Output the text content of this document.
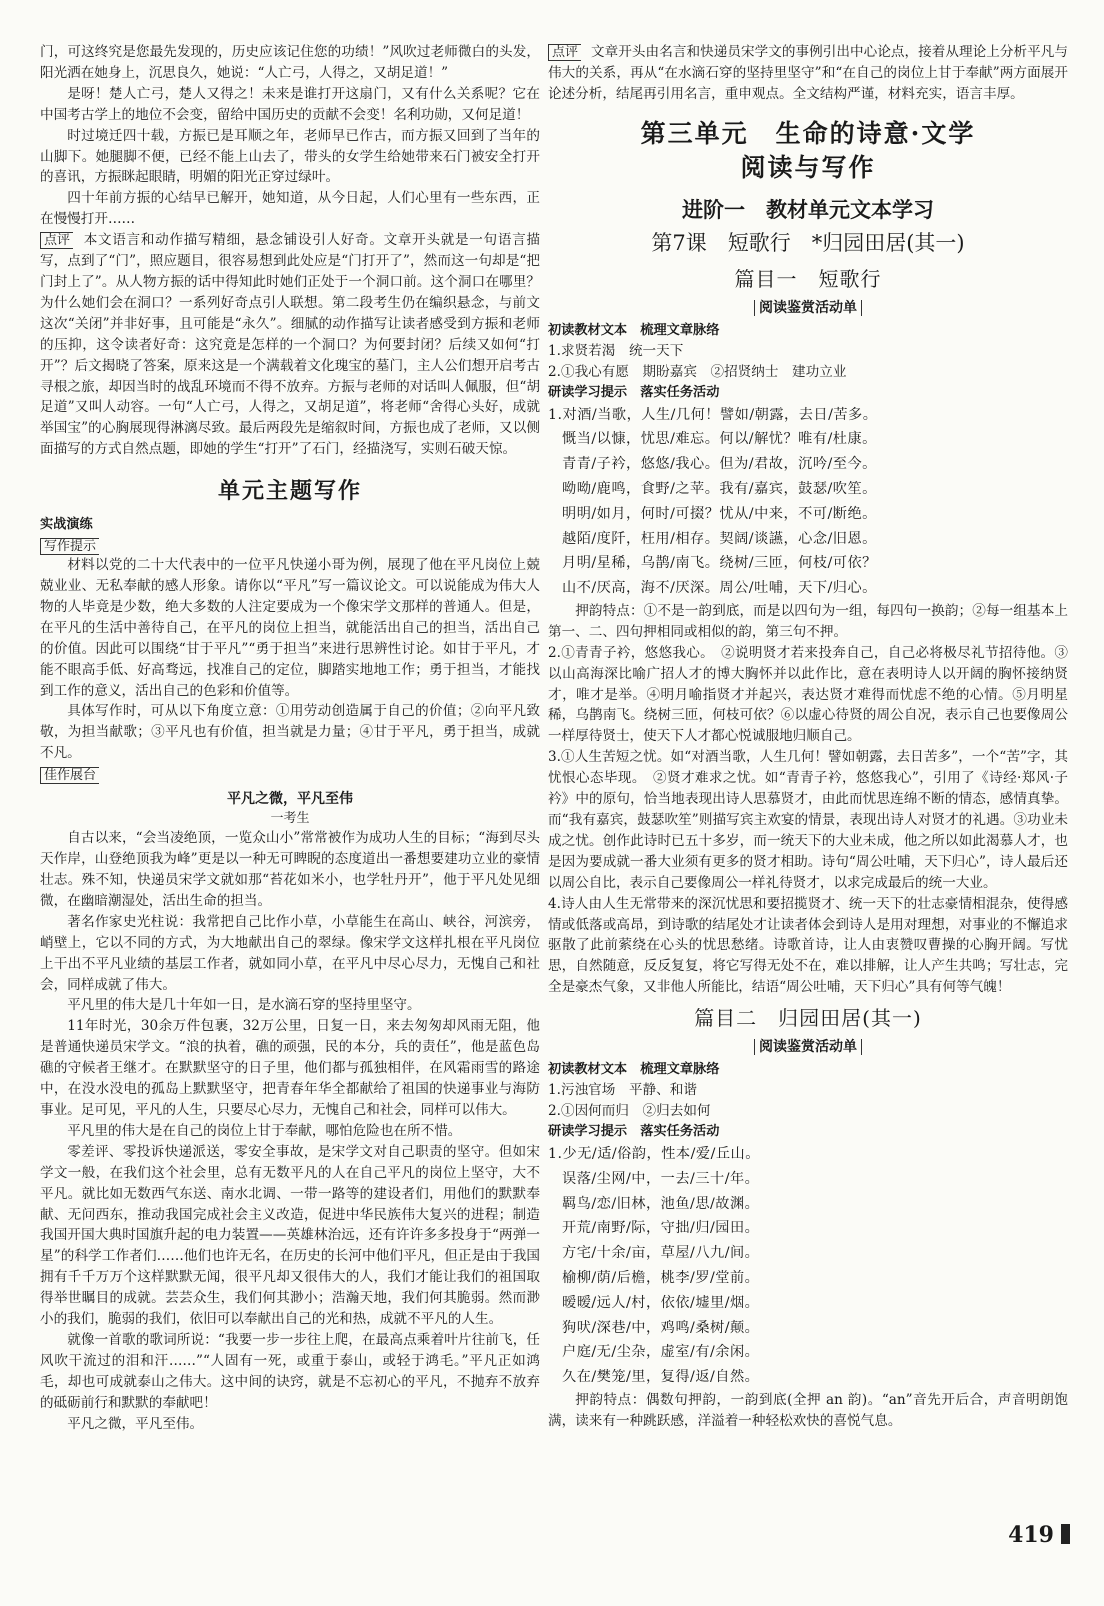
门，可这终究是您最先发现的，历史应该记住您的功绩！”风吹过老师微白的头发，阳光洒在她身上，沉思良久，她说：“人亡弓，人得之，又胡足道！”

是呀！楚人亡弓，楚人又得之！未来是谁打开这扇门，又有什么关系呢？它在中国考古学上的地位不会变，留给中国历史的贡献不会变！名利功勋，又何足道！

时过境迁四十载，方振已是耳顺之年，老师早已作古，而方振又回到了当年的山脚下。她腿脚不便，已经不能上山去了，带头的女学生给她带来石门被安全打开的喜讯，方振眯起眼睛，明媚的阳光正穿过绿叶。

四十年前方振的心结早已解开，她知道，从今日起，人们心里有一些东西，正在慢慢打开……

点评 本文语言和动作描写精细，悬念铺设引人好奇。文章开头就是一句语言描写，点到了“门”，照应题目，很容易想到此处应是“门打开了”，然而这一句却是“把门封上了”。从人物方振的话中得知此时她们正处于一个洞口前。这个洞口在哪里？为什么她们会在洞口？一系列好奇点引人联想。第二段考生仍在编织悬念，与前文这次“关闭”并非好事，且可能是“永久”。细腻的动作描写让读者感受到方振和老师的压抑，这令读者好奇：这究竟是怎样的一个洞口？为何要封闭？后续又如何“打开”？后文揭晓了答案，原来这是一个满载着文化瑰宝的墓门，主人公们想开启考古寻根之旅，却因当时的战乱环境而不得不放弃。方振与老师的对话叫人佩服，但“胡足道”又叫人动容。一句“人亡弓，人得之，又胡足道”，将老师“舍得心头好，成就举国宝”的心胸展现得淋漓尽致。最后两段先是缩叙时间，方振也成了老师，又以侧面描写的方式自然点题，即她的学生“打开”了石门，经描浇写，实则石破天惊。

单元主题写作
实战演练
写作提示

材料以党的二十大代表中的一位平凡快递小哥为例，展现了他在平凡岗位上兢兢业业、无私奉献的感人形象。请你以“平凡”写一篇议论文。可以说能成为伟大人物的人毕竟是少数，绝大多数的人注定要成为一个像宋学文那样的普通人。但是，在平凡的生活中善待自己，在平凡的岗位上担当，就能活出自己的担当，活出自己的价值。因此可以围绕“甘于平凡”“勇于担当”来进行思辨性讨论。如甘于平凡，才能不眼高手低、好高骛远，找准自己的定位，脚踏实地地工作；勇于担当，才能找到工作的意义，活出自己的色彩和价值等。

具体写作时，可从以下角度立意：①用劳动创造属于自己的价值；②向平凡致敬，为担当献歌；③平凡也有价值，担当就是力量；④甘于平凡，勇于担当，成就不凡。

佳作展台
平凡之微，平凡至伟
一考生

自古以来，“会当凌绝顶，一览众山小”常常被作为成功人生的目标；“海到尽头天作岸，山登绝顶我为峰”更是以一种无可睥睨的态度道出一番想要建功立业的豪情壮志。殊不知，快递员宋学文就如那“苔花如米小，也学牡丹开”，他于平凡处见细微，在幽暗潮湿处，活出生命的担当。

著名作家史光柱说：我常把自己比作小草，小草能生在高山、峡谷，河滨旁，峭壁上，它以不同的方式，为大地献出自己的翠绿。像宋学文这样扎根在平凡岗位上干出不平凡业绩的基层工作者，就如同小草，在平凡中尽心尽力，无愧自己和社会，同样成就了伟大。

平凡里的伟大是几十年如一日，是水滴石穿的坚持里坚守。

11年时光，30余万件包裹，32万公里，日复一日，来去匆匆却风雨无阻，他是普通快递员宋学文。“浪的执着，礁的顽强，民的本分，兵的责任”，他是蓝色岛礁的守候者王继才。在默默坚守的日子里，他们都与孤独相伴，在风霜雨雪的路途中，在没水没电的孤岛上默默坚守，把青春年华全都献给了祖国的快递事业与海防事业。足可见，平凡的人生，只要尽心尽力，无愧自己和社会，同样可以伟大。

平凡里的伟大是在自己的岗位上甘于奉献，哪怕危险也在所不惜。

零差评、零投诉快递派送，零安全事故，是宋学文对自己职责的坚守。但如宋学文一般，在我们这个社会里，总有无数平凡的人在自己平凡的岗位上坚守，大不平凡。就比如无数西气东送、南水北调、一带一路等的建设者们，用他们的默默奉献、无问西东，推动我国完成社会主义改造，促进中华民族伟大复兴的进程；制造我国开国大典时国旗升起的电力装置——英雄林治远，还有许许多多投身于“两弹一星”的科学工作者们……他们也许无名，在历史的长河中他们平凡，但正是由于我国拥有千千万万个这样默默无闻，很平凡却又很伟大的人，我们才能让我们的祖国取得举世瞩目的成就。芸芸众生，我们何其渺小；浩瀚天地，我们何其脆弱。然而渺小的我们，脆弱的我们，依旧可以奉献出自己的光和热，成就不平凡的人生。

就像一首歌的歌词所说：“我要一步一步往上爬，在最高点乘着叶片往前飞，任风吹干流过的泪和汗……”“人固有一死，或重于泰山，或轻于鸿毛。”平凡正如鸿毛，却也可成就泰山之伟大。这中间的诀窍，就是不忘初心的平凡，不抛弃不放弃的砥砺前行和默默的奉献吧！

平凡之微，平凡至伟。

点评 文章开头由名言和快递员宋学文的事例引出中心论点，接着从理论上分析平凡与伟大的关系，再从“在水滴石穿的坚持里坚守”和“在自己的岗位上甘于奉献”两方面展开论述分析，结尾再引用名言，重申观点。全文结构严谨，材料充实，语言丰厚。

第三单元　生命的诗意·文学
阅读与写作
进阶一　教材单元文本学习
第7课　短歌行　*归园田居(其一)
篇目一　短歌行
阅读鉴赏活动单
初读教材文本　梳理文章脉络

1.求贤若渴　统一天下

2.①我心有愿　期盼嘉宾　②招贤纳士　建功立业

研读学习提示　落实任务活动
1.对酒/当歌，人生/几何！譬如/朝露，去日/苦多。
慨当/以慷，忧思/难忘。何以/解忧？唯有/杜康。
青青/子衿，悠悠/我心。但为/君故，沉吟/至今。
呦呦/鹿鸣，食野/之苹。我有/嘉宾，鼓瑟/吹笙。
明明/如月，何时/可掇？忧从/中来，不可/断绝。
越陌/度阡，枉用/相存。契阔/谈讌，心念/旧恩。
月明/星稀，乌鹊/南飞。绕树/三匝，何枝/可依？
山不/厌高，海不/厌深。周公/吐哺，天下/归心。

押韵特点：①不是一韵到底，而是以四句为一组，每四句一换韵；②每一组基本上第一、二、四句押相同或相似的韵，第三句不押。

2.①青青子衿，悠悠我心。　②说明贤才若来投奔自己，自己必将极尽礼节招待他。③以山高海深比喻广招人才的博大胸怀并以此作比，意在表明诗人以开阔的胸怀接纳贤才，唯才是举。④明月喻指贤才并起兴，表达贤才难得而忧虑不绝的心情。⑤月明星稀，乌鹊南飞。绕树三匝，何枝可依？⑥以虚心待贤的周公自况，表示自己也要像周公一样厚待贤士，使天下人才都心悦诚服地归顺自己。

3.①人生苦短之忧。如“对酒当歌，人生几何！譬如朝露，去日苦多”，一个“苦”字，其忧恨心态毕现。　②贤才难求之忧。如“青青子衿，悠悠我心”，引用了《诗经·郑风·子衿》中的原句，恰当地表现出诗人思慕贤才，由此而忧思连绵不断的情态，感情真挚。而“我有嘉宾，鼓瑟吹笙”则描写宾主欢宴的情景，表现出诗人对贤才的礼遇。③功业未成之忧。创作此诗时已五十多岁，而一统天下的大业未成，他之所以如此渴慕人才，也是因为要成就一番大业须有更多的贤才相助。诗句“周公吐哺，天下归心”，诗人最后还以周公自比，表示自己要像周公一样礼待贤才，以求完成最后的统一大业。

4.诗人由人生无常带来的深沉忧思和要招揽贤才、统一天下的壮志豪情相混杂，使得感情或低落或高昂，到诗歌的结尾处才让读者体会到诗人是用对理想，对事业的不懈追求驱散了此前萦绕在心头的忧思愁绪。诗歌首诗，让人由衷赞叹曹操的心胸开阔。写忧思，自然随意，反反复复，将它写得无处不在，难以排解，让人产生共鸣；写壮志，完全是豪杰气象，又非他人所能比，结语“周公吐哺，天下归心”具有何等气魄！

篇目二　归园田居(其一)
阅读鉴赏活动单
初读教材文本　梳理文章脉络

1.污浊官场　平静、和谐

2.①因何而归　②归去如何

研读学习提示　落实任务活动
1.少无/适/俗韵，性本/爱/丘山。
误落/尘网/中，一去/三十/年。
羁鸟/恋/旧林，池鱼/思/故渊。
开荒/南野/际，守拙/归/园田。
方宅/十余/亩，草屋/八九/间。
榆柳/荫/后檐，桃李/罗/堂前。
暧暧/远人/村，依依/墟里/烟。
狗吠/深巷/中，鸡鸣/桑树/颠。
户庭/无/尘杂，虚室/有/余闲。
久在/樊笼/里，复得/返/自然。

押韵特点：偶数句押韵，一韵到底(全押 an 韵)。“an”音先开后合，声音明朗饱满，读来有一种跳跃感，洋溢着一种轻松欢快的喜悦气息。

419
